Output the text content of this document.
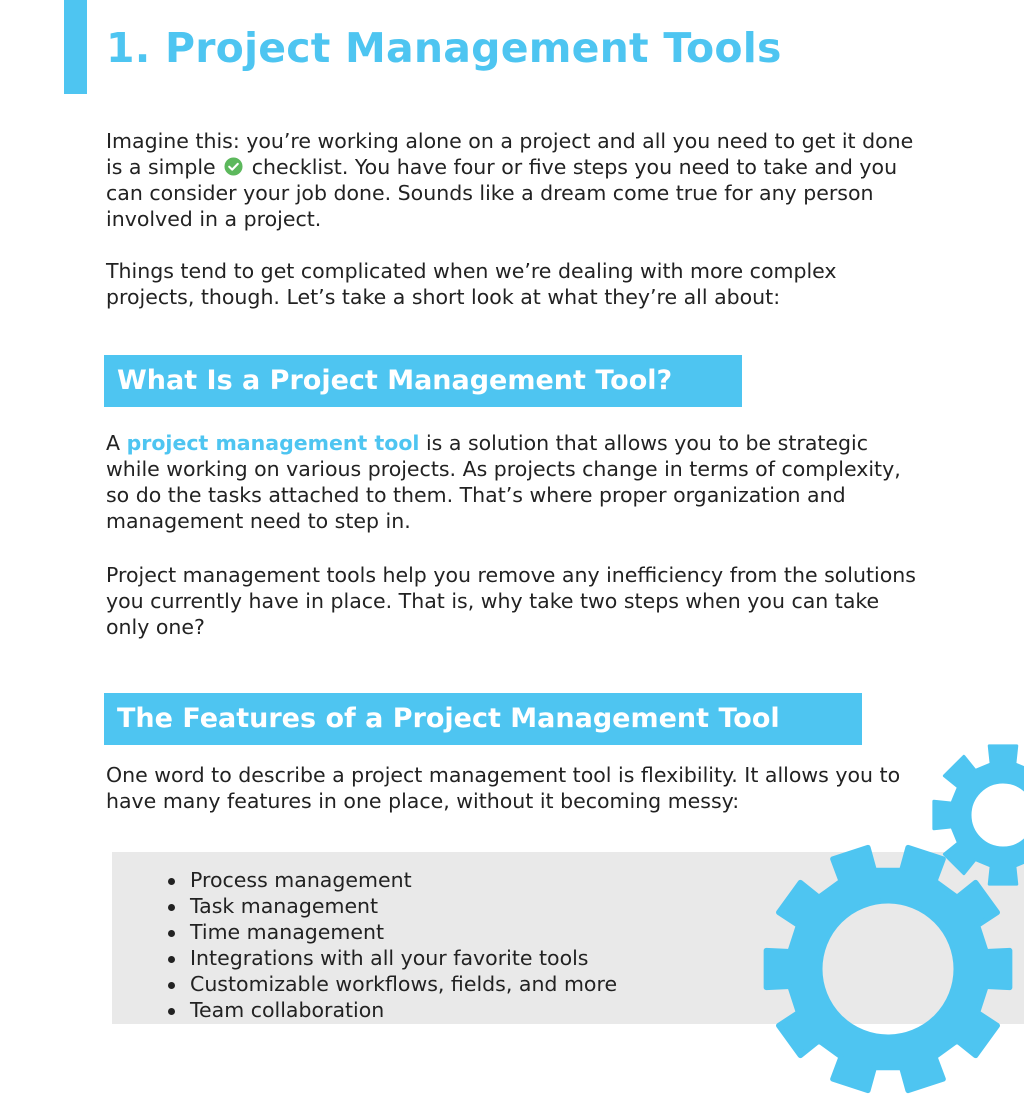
1. Project Management Tools

Imagine this: you’re working alone on a project and all you need to get it done is a simple checklist. You have four or five steps you need to take and you can consider your job done. Sounds like a dream come true for any person involved in a project.

Things tend to get complicated when we’re dealing with more complex projects, though. Let’s take a short look at what they’re all about:

What Is a Project Management Tool?

A project management tool is a solution that allows you to be strategic while working on various projects. As projects change in terms of complexity, so do the tasks attached to them. That’s where proper organization and management need to step in.

Project management tools help you remove any inefficiency from the solutions you currently have in place. That is, why take two steps when you can take only one?

The Features of a Project Management Tool

One word to describe a project management tool is flexibility. It allows you to have many features in one place, without it becoming messy:

Process management
Task management
Time management
Integrations with all your favorite tools
Customizable workflows, fields, and more
Team collaboration
